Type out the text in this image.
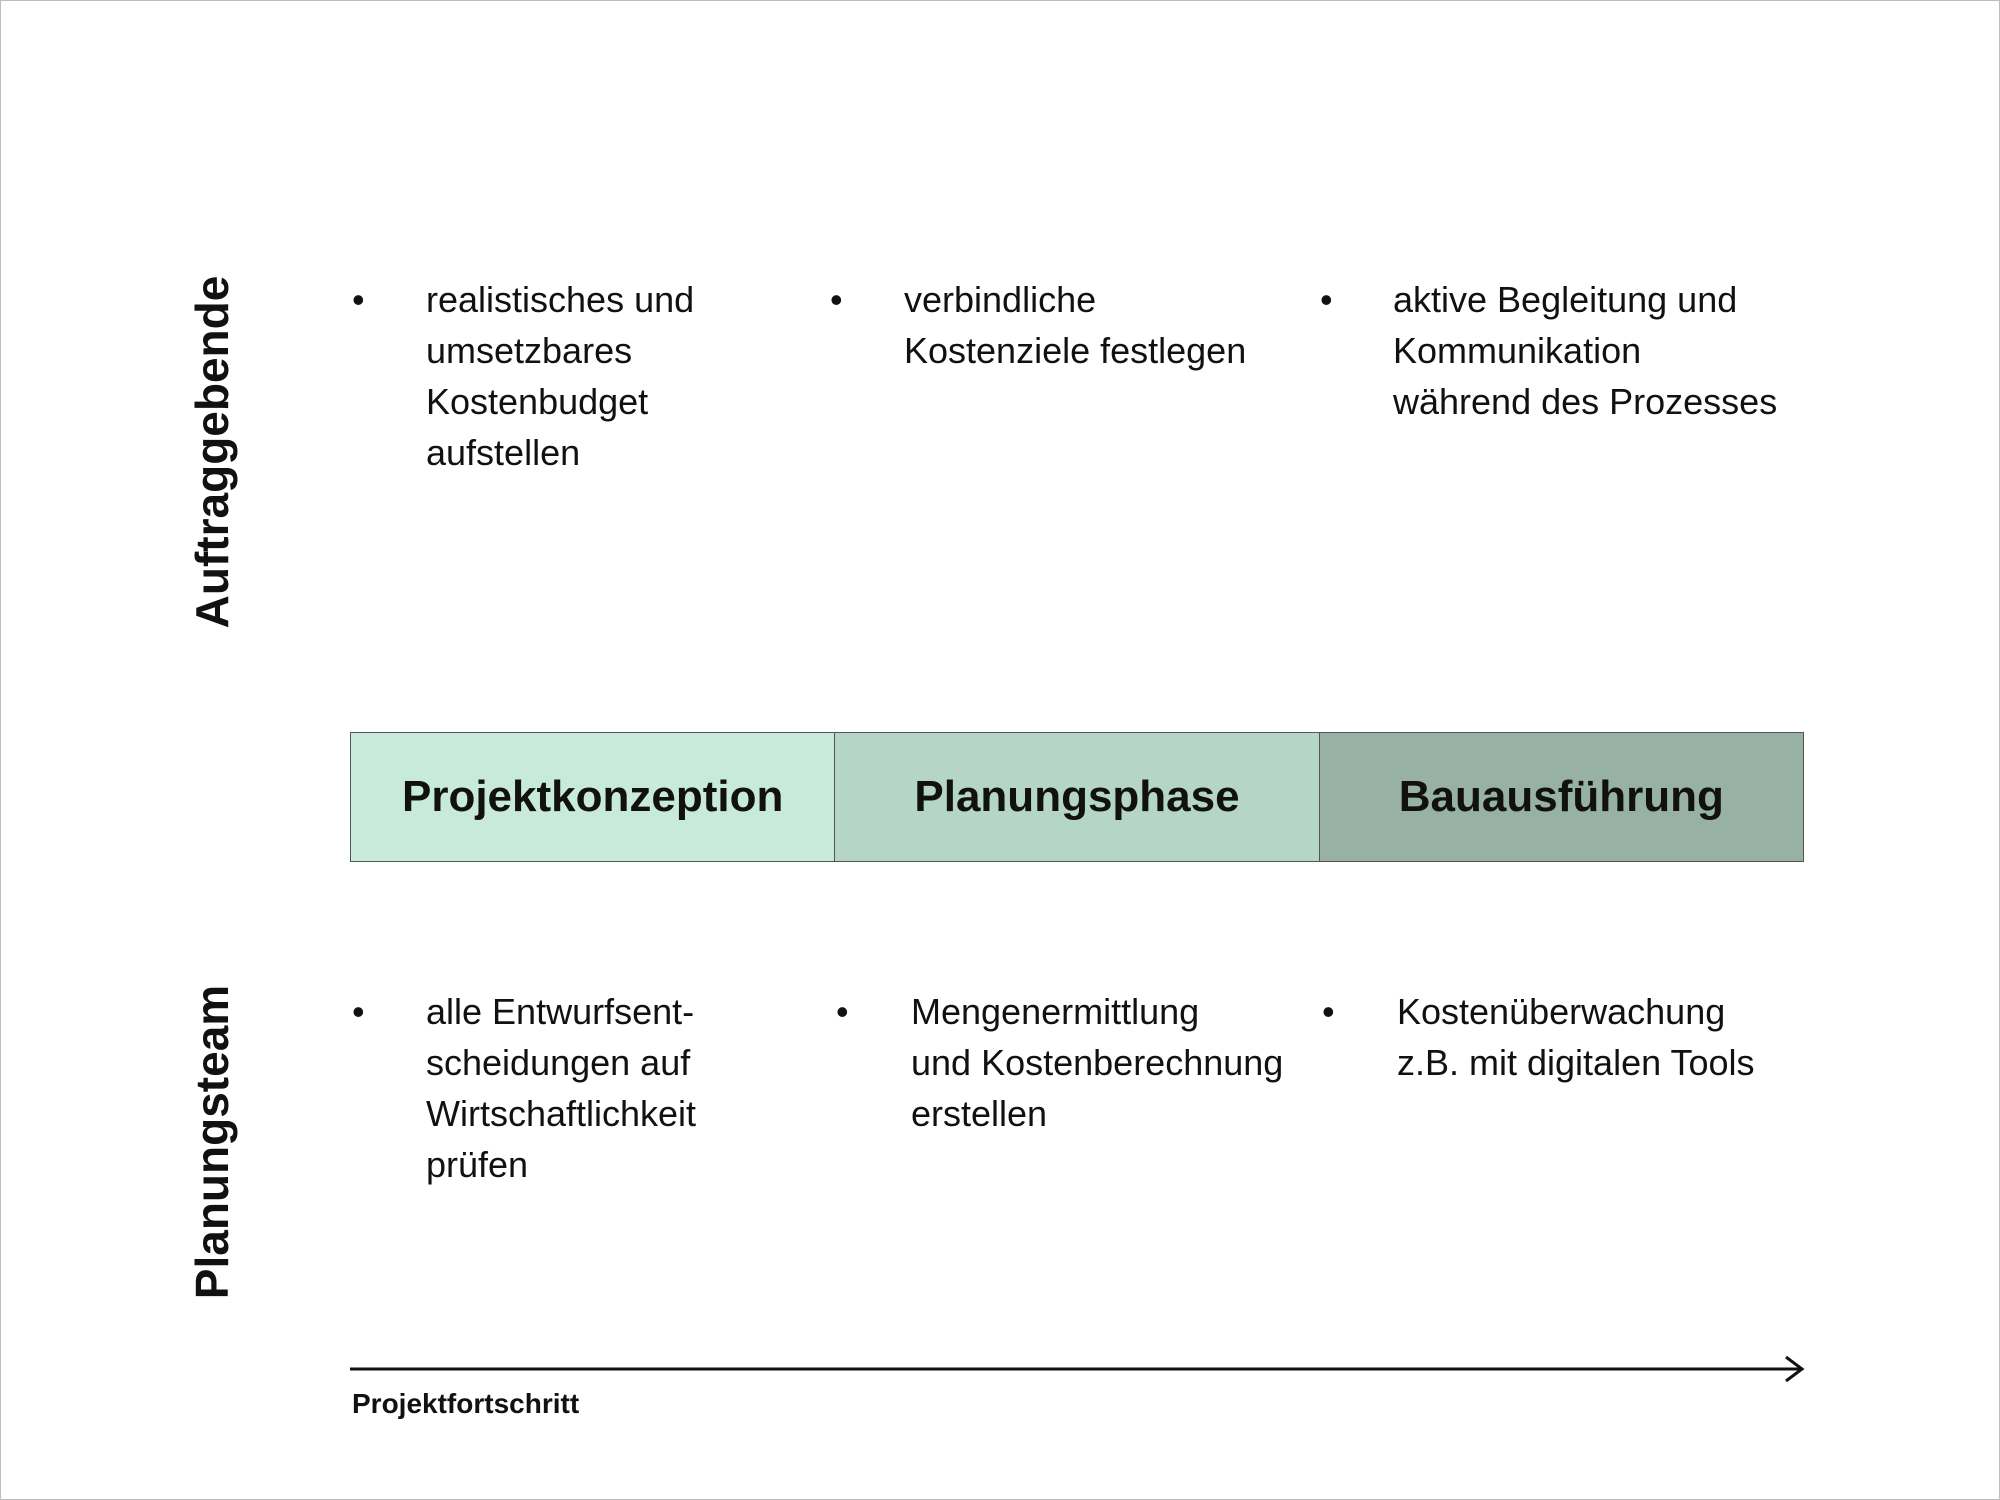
Auftraggebende
Planungsteam
• realistisches und
umsetzbares
Kostenbudget
aufstellen
• verbindliche
Kostenziele festlegen
• aktive Begleitung und
Kommunikation
während des Prozesses
Projektkonzeption	Planungsphase	Bauausführung
• alle Entwurfsent-
scheidungen auf
Wirtschaftlichkeit
prüfen
• Mengenermittlung
und Kostenberechnung
erstellen
• Kostenüberwachung
z.B. mit digitalen Tools
Projektfortschritt
